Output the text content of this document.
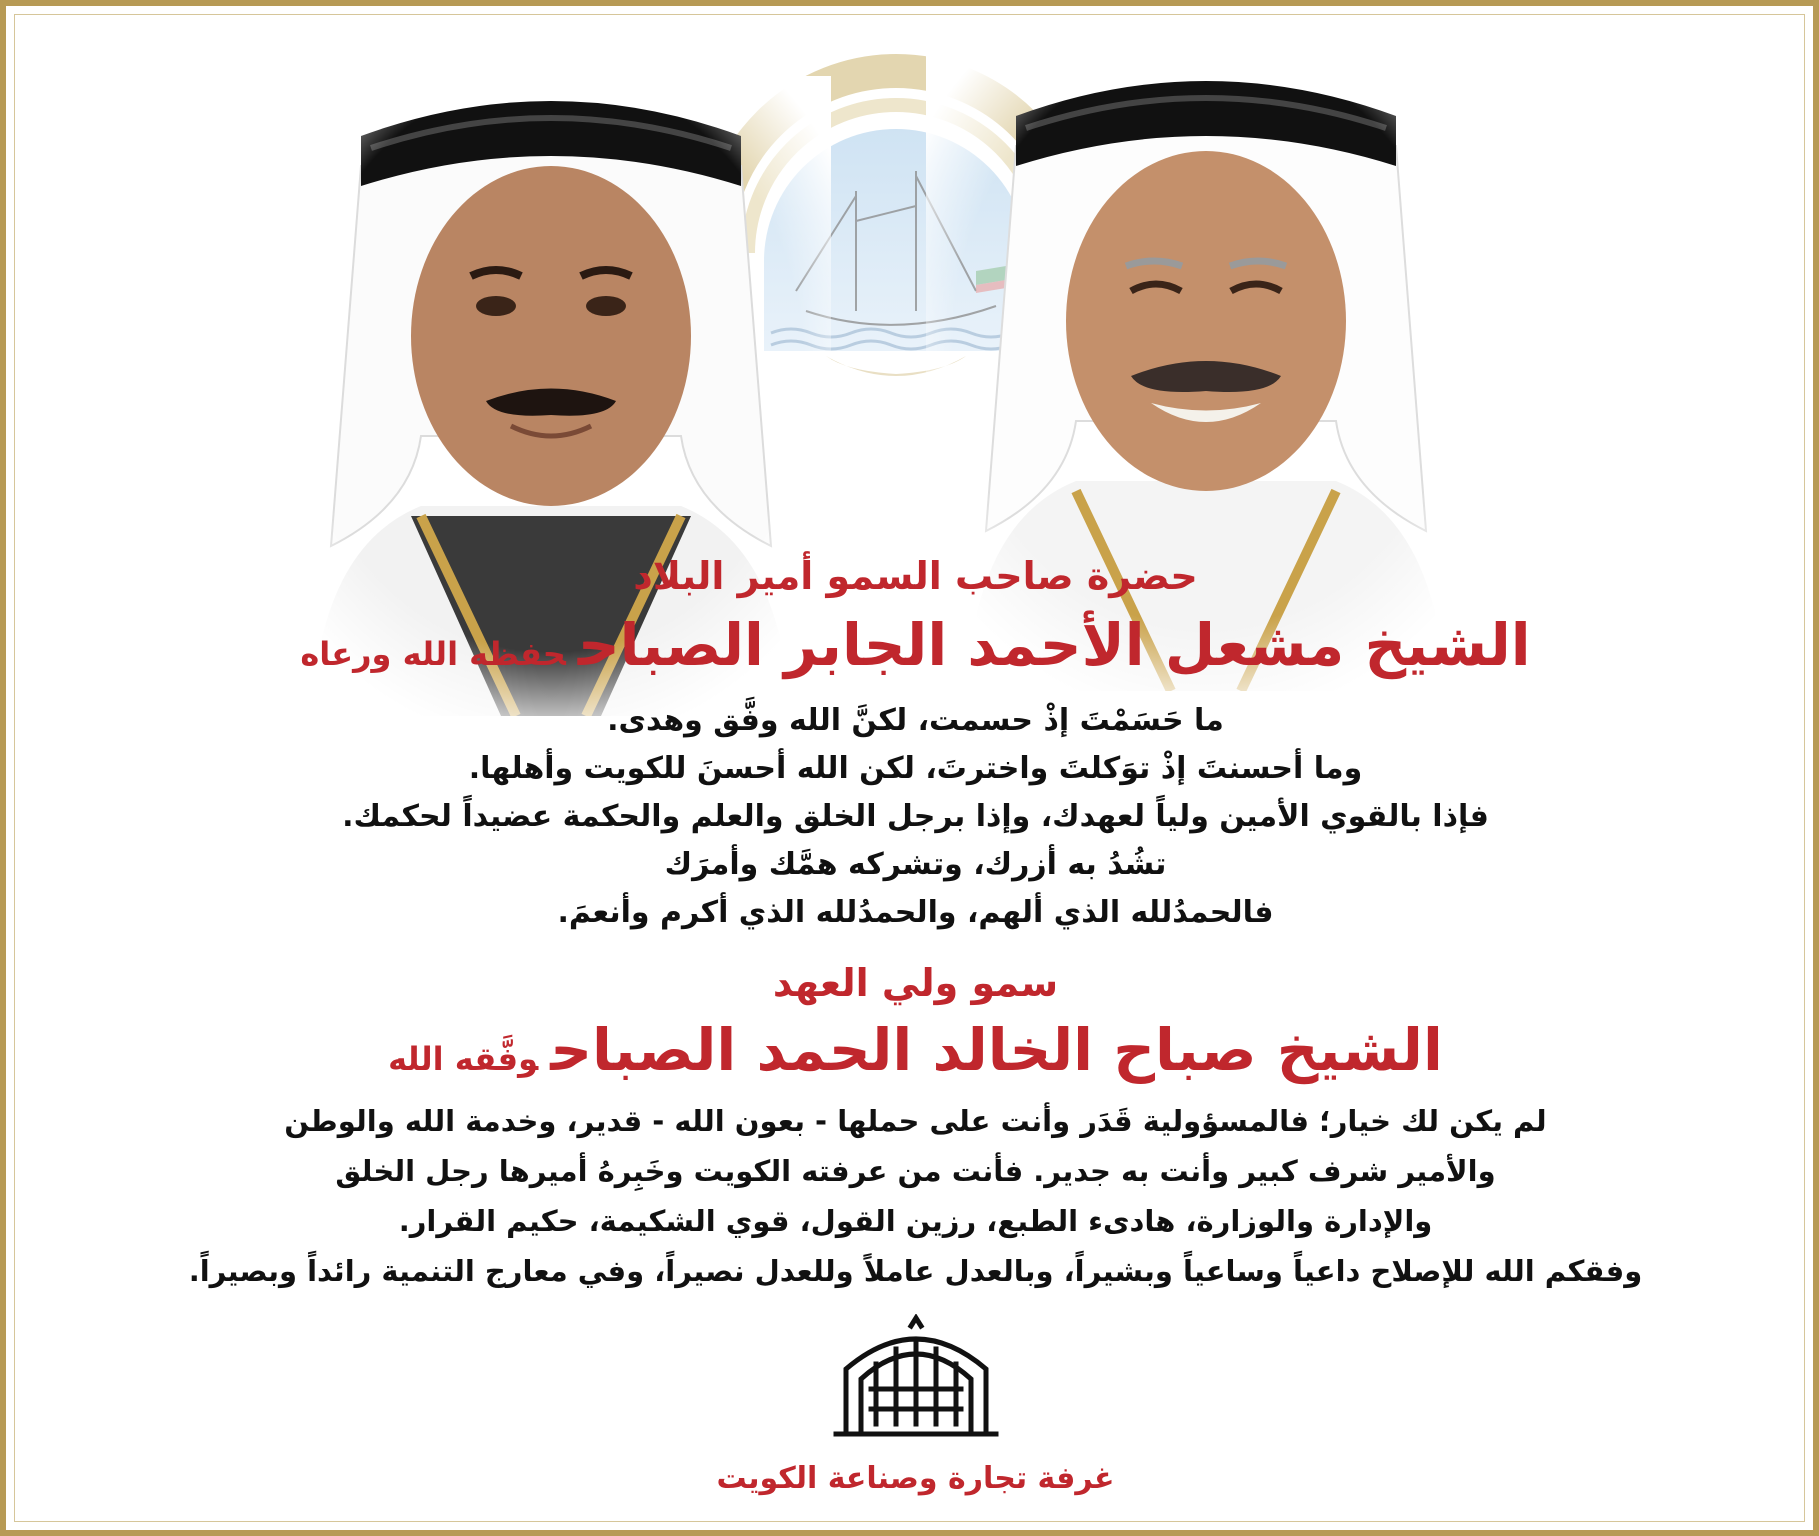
حضرة صاحب السمو أمير البلاد
الشيخ مشعل الأحمد الجابر الصباححفظه الله ورعاه
ما حَسَمْتَ إذْ حسمت، لكنَّ الله وفَّق وهدى.
وما أحسنتَ إذْ توَكلتَ واخترتَ، لكن الله أحسنَ للكويت وأهلها.
فإذا بالقوي الأمين ولياً لعهدك، وإذا برجل الخلق والعلم والحكمة عضيداً لحكمك.
تشُدُ به أزرك، وتشركه همَّك وأمرَك
فالحمدُلله الذي ألهم، والحمدُلله الذي أكرم وأنعمَ.
سمو ولي العهد
الشيخ صباح الخالد الحمد الصباحوفَّقه الله
لم يكن لك خيار؛ فالمسؤولية قَدَر وأنت على حملها - بعون الله - قدير، وخدمة الله والوطن
والأمير شرف كبير وأنت به جدير. فأنت من عرفته الكويت وخَبِرهُ أميرها رجل الخلق
والإدارة والوزارة، هادىء الطبع، رزين القول، قوي الشكيمة، حكيم القرار.
وفقكم الله للإصلاح داعياً وساعياً وبشيراً، وبالعدل عاملاً وللعدل نصيراً، وفي معارج التنمية رائداً وبصيراً.
غرفة تجارة وصناعة الكويت
